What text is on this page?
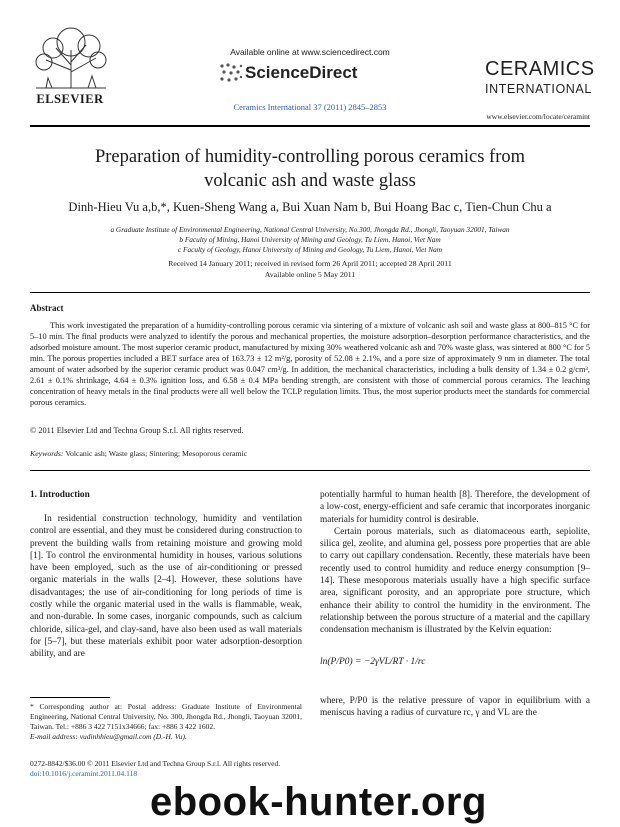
ELSEVIER
Available online at www.sciencedirect.com
ScienceDirect
Ceramics International 37 (2011) 2845–2853
CERAMICS
INTERNATIONAL
www.elsevier.com/locate/ceramint
Preparation of humidity-controlling porous ceramics from
volcanic ash and waste glass
Dinh-Hieu Vu a,b,*, Kuen-Sheng Wang a, Bui Xuan Nam b, Bui Hoang Bac c, Tien-Chun Chu a
a Graduate Institute of Environmental Engineering, National Central University, No.300, Jhongda Rd., Jhongli, Taoyuan 32001, Taiwan
b Faculty of Mining, Hanoi University of Mining and Geology, Tu Liem, Hanoi, Viet Nam
c Faculty of Geology, Hanoi University of Mining and Geology, Tu Liem, Hanoi, Viet Nam
Received 14 January 2011; received in revised form 26 April 2011; accepted 28 April 2011
Available online 5 May 2011
Abstract
This work investigated the preparation of a humidity-controlling porous ceramic via sintering of a mixture of volcanic ash soil and waste glass at 800–815 °C for 5–10 min. The final products were analyzed to identify the porous and mechanical properties, the moisture adsorption–desorption performance characteristics, and the adsorbed moisture amount. The most superior ceramic product, manufactured by mixing 30% weathered volcanic ash and 70% waste glass, was sintered at 800 °C for 5 min. The porous properties included a BET surface area of 163.73 ± 12 m²/g, porosity of 52.08 ± 2.1%, and a pore size of approximately 9 nm in diameter. The total amount of water adsorbed by the superior ceramic product was 0.047 cm³/g. In addition, the mechanical characteristics, including a bulk density of 1.34 ± 0.2 g/cm³, 2.61 ± 0.1% shrinkage, 4.64 ± 0.3% ignition loss, and 6.58 ± 0.4 MPa bending strength, are consistent with those of commercial porous ceramics. The leaching concentration of heavy metals in the final products were all well below the TCLP regulation limits. Thus, the most superior products meet the standards for commercial porous ceramics.
© 2011 Elsevier Ltd and Techna Group S.r.l. All rights reserved.
Keywords: Volcanic ash; Waste glass; Sintering; Mesoporous ceramic
1. Introduction

In residential construction technology, humidity and ventilation control are essential, and they must be considered during construction to prevent the building walls from retaining moisture and growing mold [1]. To control the environmental humidity in houses, various solutions have been employed, such as the use of air-conditioning or pressed organic materials in the walls [2–4]. However, these solutions have disadvantages; the use of air-conditioning for long periods of time is costly while the organic material used in the walls is flammable, weak, and non-durable. In some cases, inorganic compounds, such as calcium chloride, silica-gel, and clay-sand, have also been used as wall materials for [5–7], but these materials exhibit poor water adsorption-desorption ability, and are

potentially harmful to human health [8]. Therefore, the development of a low-cost, energy-efficient and safe ceramic that incorporates inorganic materials for humidity control is desirable.

Certain porous materials, such as diatomaceous earth, sepiolite, silica gel, zeolite, and alumina gel, possess pore properties that are able to carry out capillary condensation. Recently, these materials have been recently used to control humidity and reduce energy consumption [9–14]. These mesoporous materials usually have a high specific surface area, significant porosity, and an appropriate pore structure, which enhance their ability to control the humidity in the environment. The relationship between the porous structure of a material and the capillary condensation mechanism is illustrated by the Kelvin equation:

ln(P/P0) = −2γVL/RT · 1/rc
where, P/P0 is the relative pressure of vapor in equilibrium with a meniscus having a radius of curvature rc, γ and VL are the
* Corresponding author at: Postal address: Graduate Institute of Environmental Engineering, National Central University, No. 300, Jhongda Rd., Jhongli, Taoyuan 32001, Taiwan. Tel.: +886 3 422 7151x34666; fax: +886 3 422 1602.
E-mail address: vudinhhieu@gmail.com (D.-H. Vu).
0272-8842/$36.00 © 2011 Elsevier Ltd and Techna Group S.r.l. All rights reserved.
doi:10.1016/j.ceramint.2011.04.118
ebook-hunter.org
